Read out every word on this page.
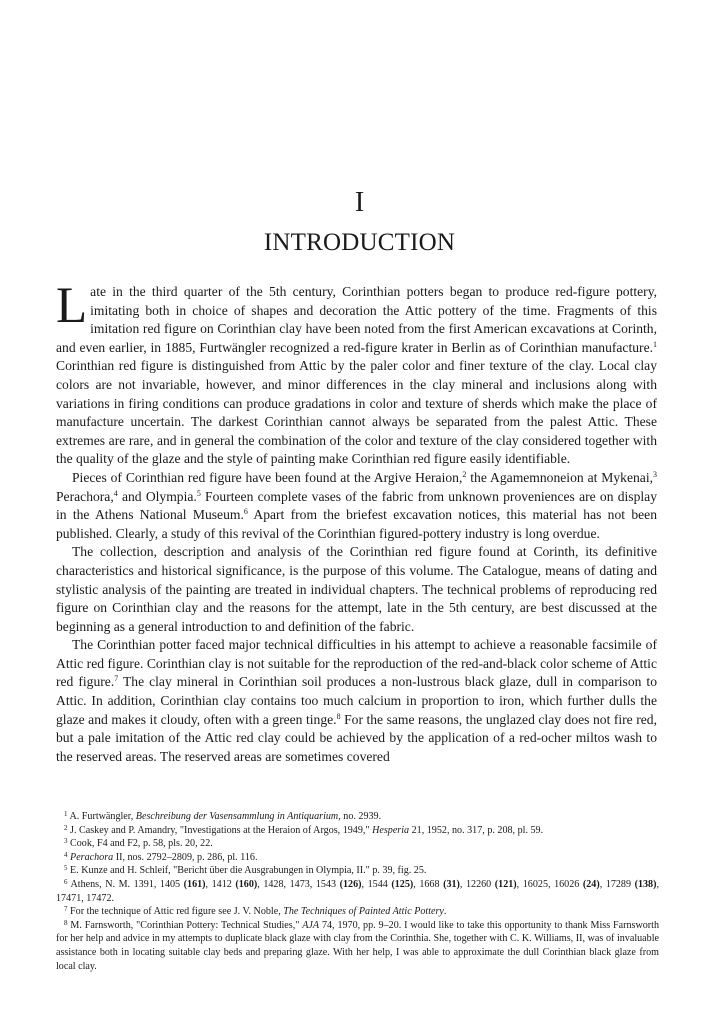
I
INTRODUCTION

Late in the third quarter of the 5th century, Corinthian potters began to produce red-figure pottery, imitating both in choice of shapes and decoration the Attic pottery of the time. Fragments of this imitation red figure on Corinthian clay have been noted from the first American excavations at Corinth, and even earlier, in 1885, Furtwängler recognized a red-figure krater in Berlin as of Corinthian manufacture.$^1$ Corinthian red figure is distinguished from Attic by the paler color and finer texture of the clay. Local clay colors are not invariable, however, and minor differences in the clay mineral and inclusions along with variations in firing conditions can produce gradations in color and texture of sherds which make the place of manufacture uncertain. The darkest Corinthian cannot always be separated from the palest Attic. These extremes are rare, and in general the combination of the color and texture of the clay considered together with the quality of the glaze and the style of painting make Corinthian red figure easily identifiable.

Pieces of Corinthian red figure have been found at the Argive Heraion,$^2$ the Agamemnoneion at Mykenai,$^3$ Perachora,$^4$ and Olympia.$^5$ Fourteen complete vases of the fabric from unknown proveniences are on display in the Athens National Museum.$^6$ Apart from the briefest excavation notices, this material has not been published. Clearly, a study of this revival of the Corinthian figured-pottery industry is long overdue.

The collection, description and analysis of the Corinthian red figure found at Corinth, its definitive characteristics and historical significance, is the purpose of this volume. The Catalogue, means of dating and stylistic analysis of the painting are treated in individual chapters. The technical problems of reproducing red figure on Corinthian clay and the reasons for the attempt, late in the 5th century, are best discussed at the beginning as a general introduction to and definition of the fabric.

The Corinthian potter faced major technical difficulties in his attempt to achieve a reasonable facsimile of Attic red figure. Corinthian clay is not suitable for the reproduction of the red-and-black color scheme of Attic red figure.$^7$ The clay mineral in Corinthian soil produces a non-lustrous black glaze, dull in comparison to Attic. In addition, Corinthian clay contains too much calcium in proportion to iron, which further dulls the glaze and makes it cloudy, often with a green tinge.$^8$ For the same reasons, the unglazed clay does not fire red, but a pale imitation of the Attic red clay could be achieved by the application of a red-ocher miltos wash to the reserved areas. The reserved areas are sometimes covered

$^1$ A. Furtwängler, Beschreibung der Vasensammlung in Antiquarium, no. 2939.

$^2$ J. Caskey and P. Amandry, "Investigations at the Heraion of Argos, 1949," Hesperia 21, 1952, no. 317, p. 208, pl. 59.

$^3$ Cook, F4 and F2, p. 58, pls. 20, 22.

$^4$ Perachora II, nos. 2792–2809, p. 286, pl. 116.

$^5$ E. Kunze and H. Schleif, "Bericht über die Ausgrabungen in Olympia, II." p. 39, fig. 25.

$^6$ Athens, N. M. 1391, 1405 (161), 1412 (160), 1428, 1473, 1543 (126), 1544 (125), 1668 (31), 12260 (121), 16025, 16026 (24), 17289 (138), 17471, 17472.

$^7$ For the technique of Attic red figure see J. V. Noble, The Techniques of Painted Attic Pottery.

$^8$ M. Farnsworth, "Corinthian Pottery: Technical Studies," AJA 74, 1970, pp. 9–20. I would like to take this opportunity to thank Miss Farnsworth for her help and advice in my attempts to duplicate black glaze with clay from the Corinthia. She, together with C. K. Williams, II, was of invaluable assistance both in locating suitable clay beds and preparing glaze. With her help, I was able to approximate the dull Corinthian black glaze from local clay.
